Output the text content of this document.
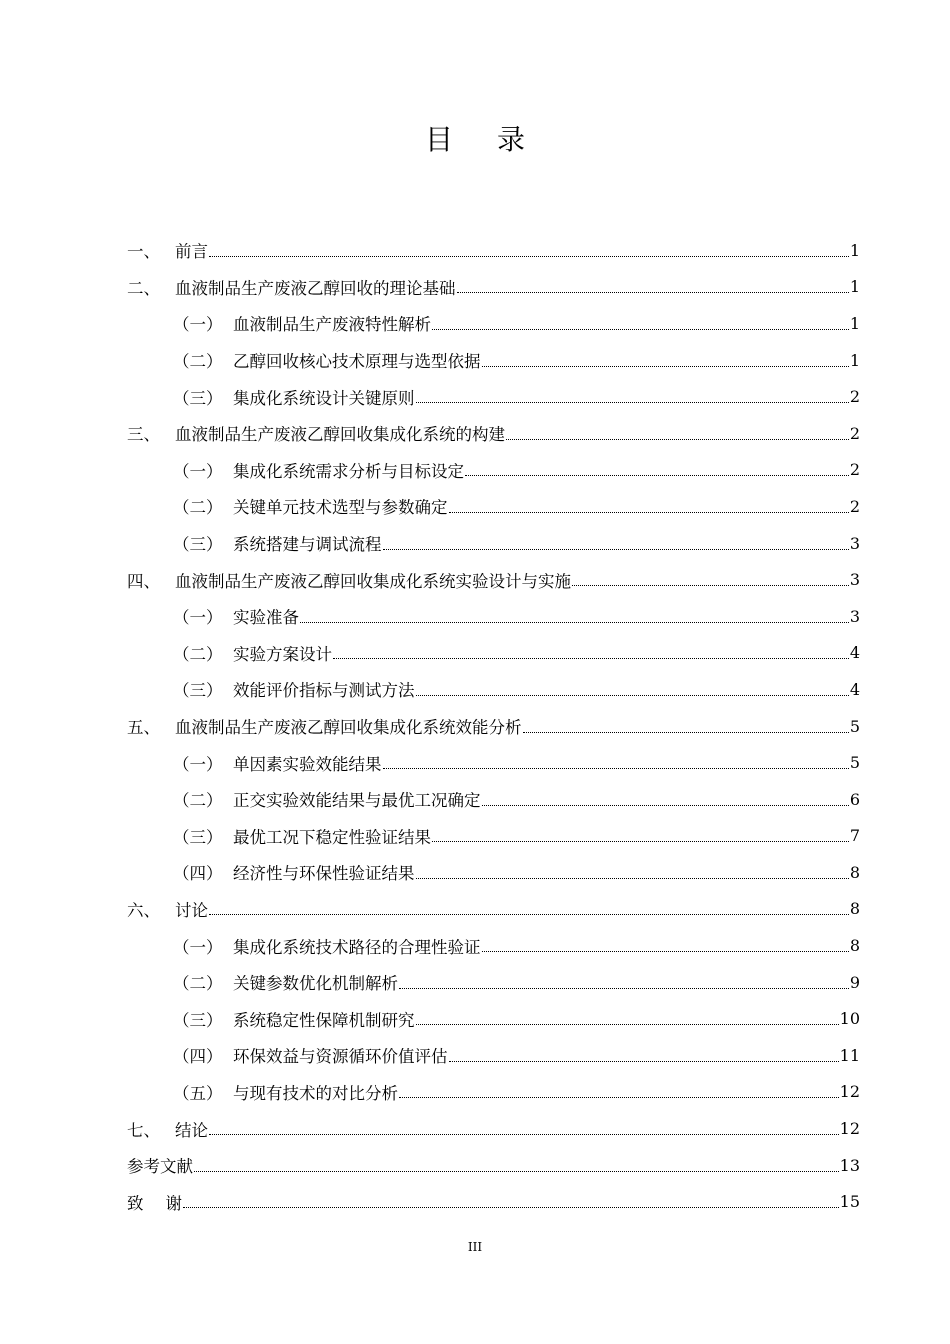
目 录
一、 前言	1
二、 血液制品生产废液乙醇回收的理论基础	1
（一） 血液制品生产废液特性解析	1
（二） 乙醇回收核心技术原理与选型依据	1
（三） 集成化系统设计关键原则	2
三、 血液制品生产废液乙醇回收集成化系统的构建	2
（一） 集成化系统需求分析与目标设定	2
（二） 关键单元技术选型与参数确定	2
（三） 系统搭建与调试流程	3
四、 血液制品生产废液乙醇回收集成化系统实验设计与实施	3
（一） 实验准备	3
（二） 实验方案设计	4
（三） 效能评价指标与测试方法	4
五、 血液制品生产废液乙醇回收集成化系统效能分析	5
（一） 单因素实验效能结果	5
（二） 正交实验效能结果与最优工况确定	6
（三） 最优工况下稳定性验证结果	7
（四） 经济性与环保性验证结果	8
六、 讨论	8
（一） 集成化系统技术路径的合理性验证	8
（二） 关键参数优化机制解析	9
（三） 系统稳定性保障机制研究	10
（四） 环保效益与资源循环价值评估	11
（五） 与现有技术的对比分析	12
七、 结论	12
参考文献	13
致 谢	15
III
